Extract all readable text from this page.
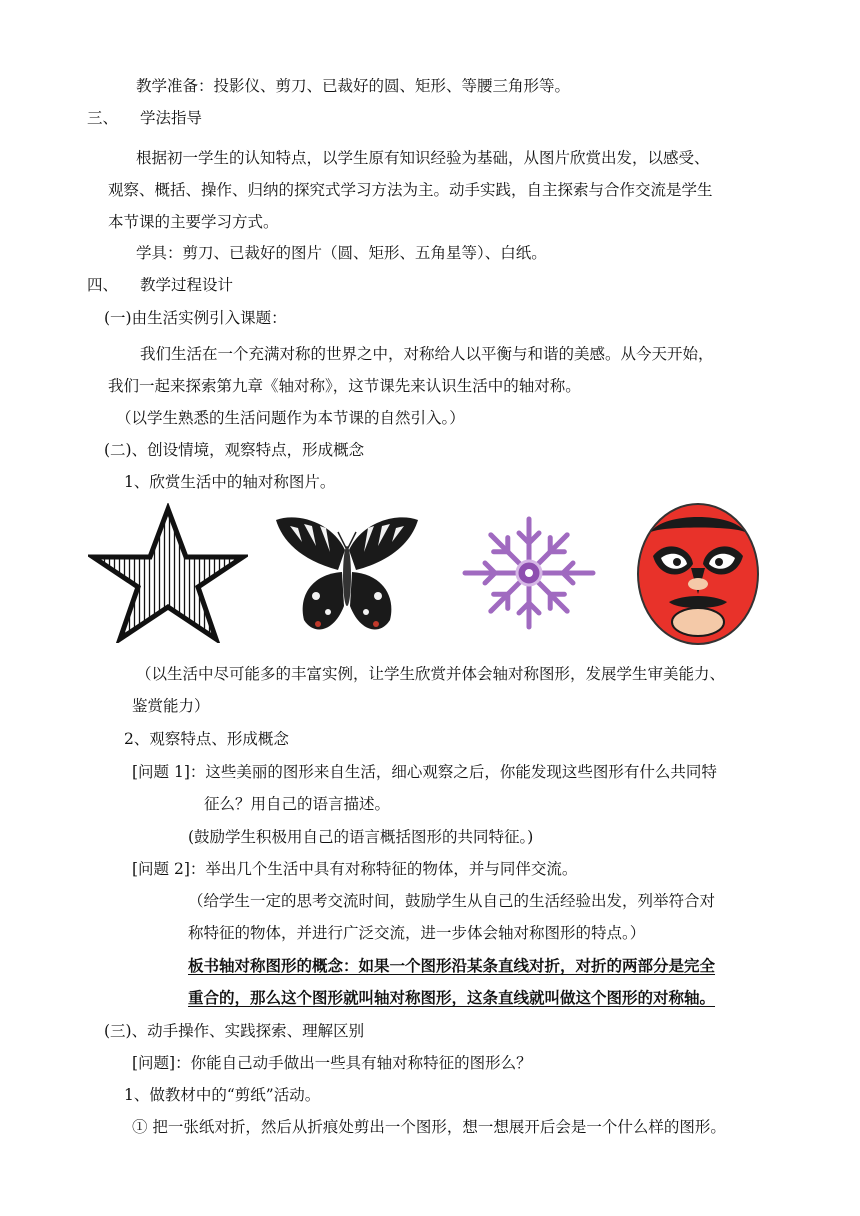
教学准备：投影仪、剪刀、已裁好的圆、矩形、等腰三角形等。
三、 学法指导
根据初一学生的认知特点，以学生原有知识经验为基础，从图片欣赏出发，以感受、
观察、概括、操作、归纳的探究式学习方法为主。动手实践，自主探索与合作交流是学生
本节课的主要学习方式。
学具：剪刀、已裁好的图片（圆、矩形、五角星等）、白纸。
四、 教学过程设计
(一)由生活实例引入课题：
我们生活在一个充满对称的世界之中，对称给人以平衡与和谐的美感。从今天开始，
我们一起来探索第九章《轴对称》，这节课先来认识生活中的轴对称。
（以学生熟悉的生活问题作为本节课的自然引入。）
(二)、创设情境，观察特点，形成概念
1、欣赏生活中的轴对称图片。
（以生活中尽可能多的丰富实例，让学生欣赏并体会轴对称图形，发展学生审美能力、
鉴赏能力）
2、观察特点、形成概念
[问题 1]：这些美丽的图形来自生活，细心观察之后，你能发现这些图形有什么共同特
征么？用自己的语言描述。
(鼓励学生积极用自己的语言概括图形的共同特征。)
[问题 2]：举出几个生活中具有对称特征的物体，并与同伴交流。
（给学生一定的思考交流时间，鼓励学生从自己的生活经验出发，列举符合对
称特征的物体，并进行广泛交流，进一步体会轴对称图形的特点。）
板书轴对称图形的概念：如果一个图形沿某条直线对折，对折的两部分是完全
重合的，那么这个图形就叫轴对称图形，这条直线就叫做这个图形的对称轴。
(三)、动手操作、实践探索、理解区别
[问题]：你能自己动手做出一些具有轴对称特征的图形么？
1、做教材中的“剪纸”活动。
① 把一张纸对折，然后从折痕处剪出一个图形，想一想展开后会是一个什么样的图形。
